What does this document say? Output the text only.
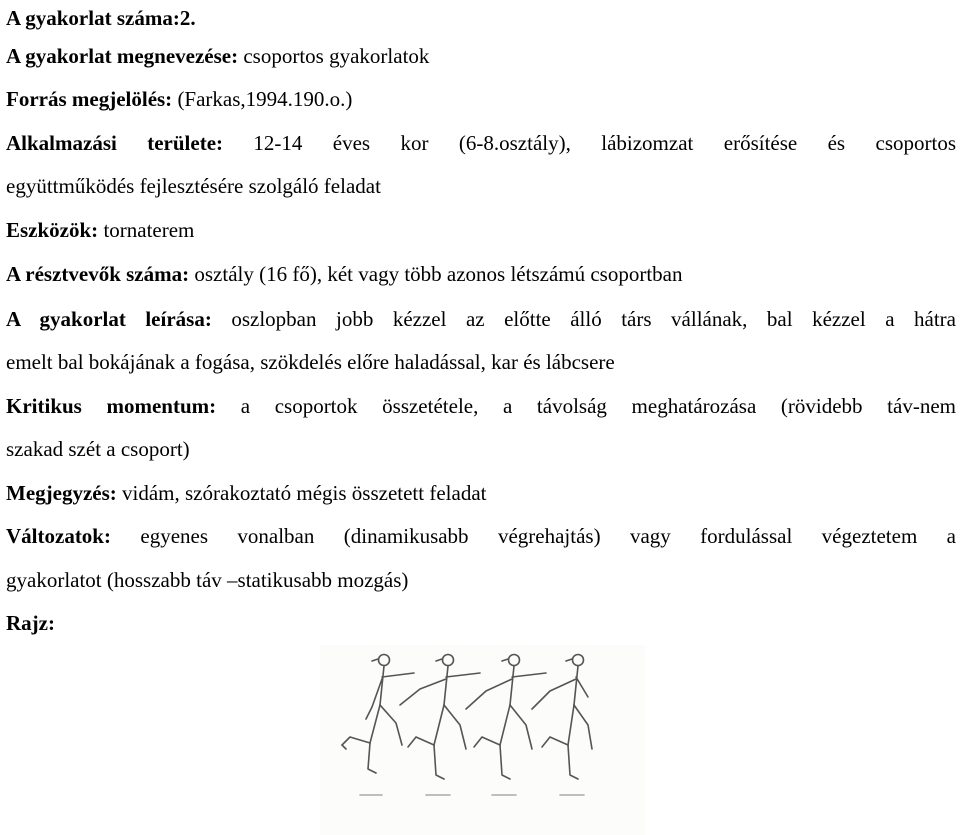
A gyakorlat száma:2.
A gyakorlat megnevezése: csoportos gyakorlatok
Forrás megjelölés: (Farkas,1994.190.o.)
Alkalmazási területe: 12-14 éves kor (6-8.osztály), lábizomzat erősítése és csoportos
együttműködés fejlesztésére szolgáló feladat
Eszközök: tornaterem
A résztvevők száma: osztály (16 fő), két vagy több azonos létszámú csoportban
A gyakorlat leírása: oszlopban jobb kézzel az előtte álló társ vállának, bal kézzel a hátra
emelt bal bokájának a fogása, szökdelés előre haladással, kar és lábcsere
Kritikus momentum: a csoportok összetétele, a távolság meghatározása (rövidebb táv-nem
szakad szét a csoport)
Megjegyzés: vidám, szórakoztató mégis összetett feladat
Változatok: egyenes vonalban (dinamikusabb végrehajtás) vagy fordulással végeztetem a
gyakorlatot (hosszabb táv –statikusabb mozgás)
Rajz:
